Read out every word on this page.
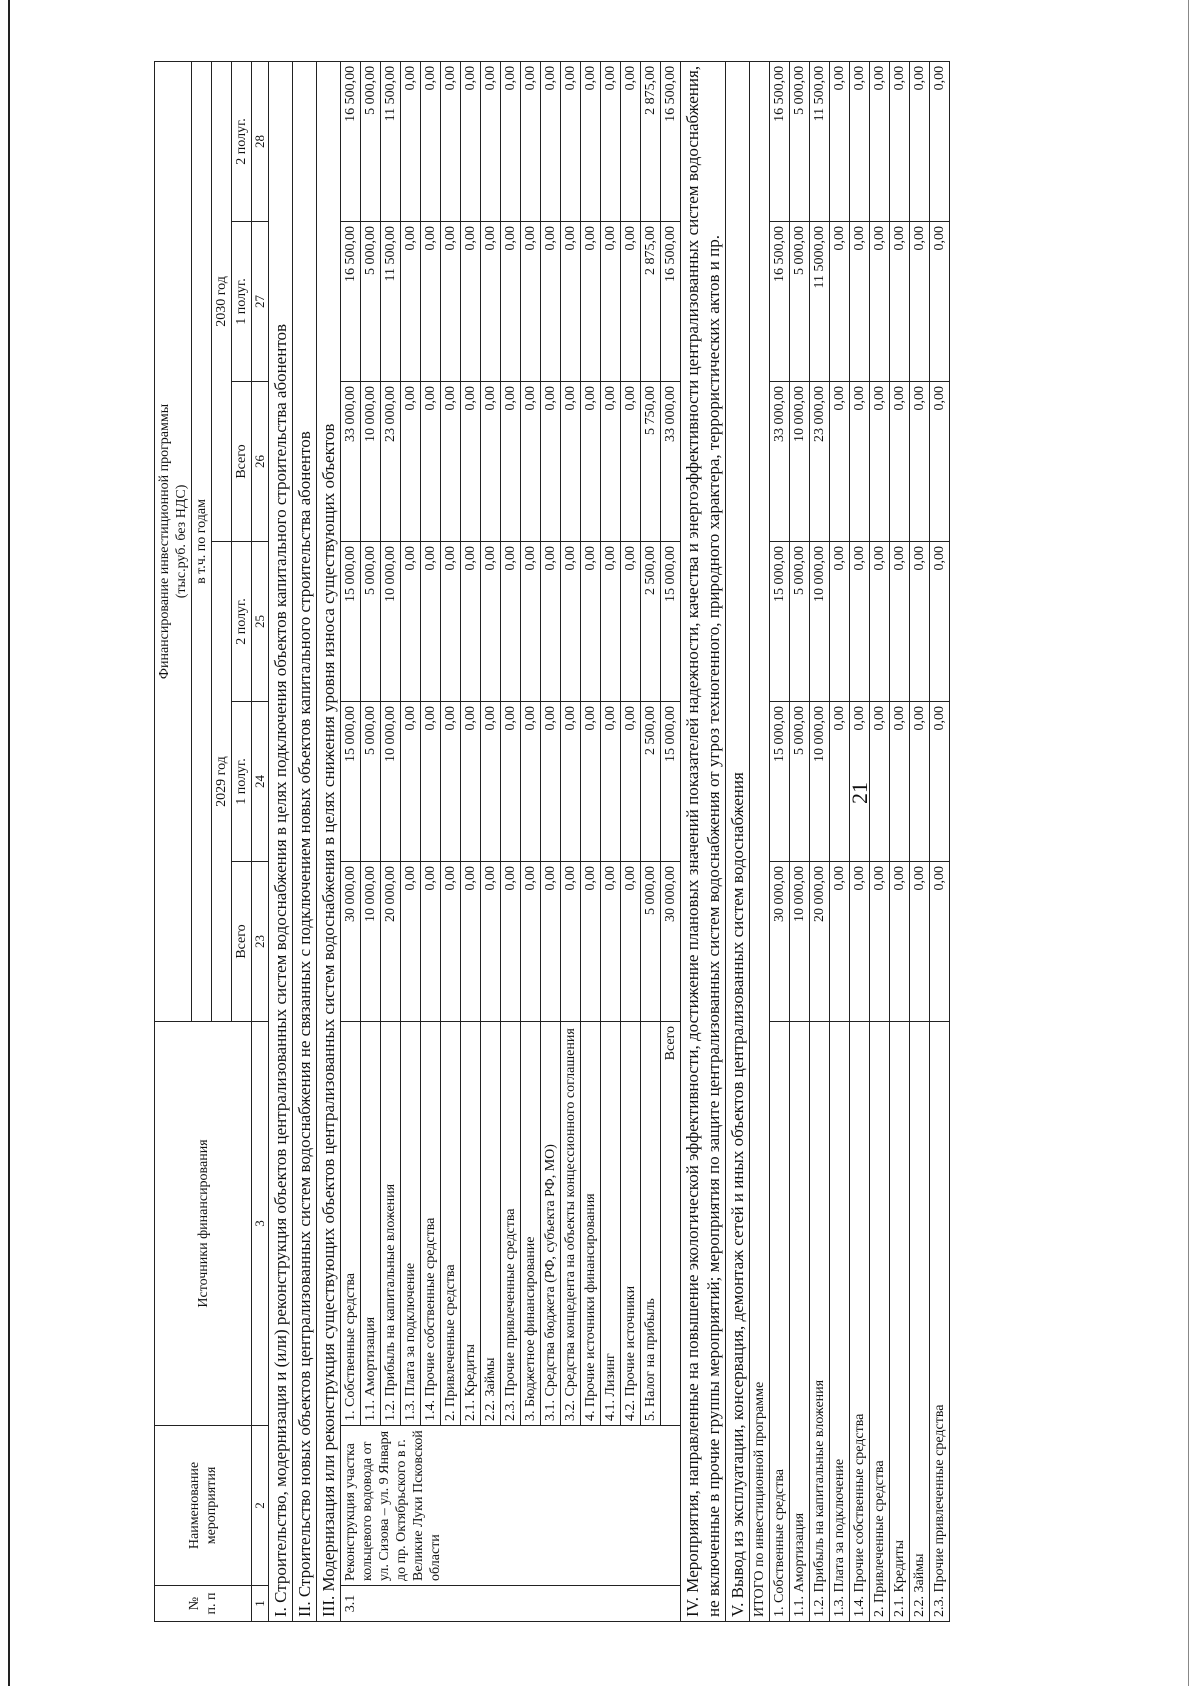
21
№ п. п	Наименование мероприятия	Источники финансирования	Финансирование инвестиционной программы (тыс.руб. без НДС)					

			в т.ч. по годам					
			2029 год			2030 год		
			Всего	1 полуг.	2 полуг.	Всего	1 полуг.	2 полуг.
1	2	3	23	24	25	26	27	28
I. Строительство, модернизация и (или) реконструкция объектов централизованных систем водоснабжения в целях подключения объектов капитального строительства абонентов								
II. Строительство новых объектов централизованных систем водоснабжения не связанных с подключением новых объектов капитального строительства абонентов								
III. Модернизация или реконструкция существующих объектов централизованных систем водоснабжения в целях снижения уровня износа существующих объектов								
3.1	Реконструкция участка кольцевого водовода от ул. Сизова – ул. 9 Января до пр. Октябрьского в г. Великие Луки Псковской области	1. Собственные средства	30 000,00	15 000,00	15 000,00	33 000,00	16 500,00	16 500,00
		1.1. Амортизация	10 000,00	5 000,00	5 000,00	10 000,00	5 000,00	5 000,00
		1.2. Прибыль на капитальные вложения	20 000,00	10 000,00	10 000,00	23 000,00	11 500,00	11 500,00
		1.3. Плата за подключение	0,00	0,00	0,00	0,00	0,00	0,00
		1.4. Прочие собственные средства	0,00	0,00	0,00	0,00	0,00	0,00
		2. Привлеченные средства	0,00	0,00	0,00	0,00	0,00	0,00
		2.1. Кредиты	0,00	0,00	0,00	0,00	0,00	0,00
		2.2. Займы	0,00	0,00	0,00	0,00	0,00	0,00
		2.3. Прочие привлеченные средства	0,00	0,00	0,00	0,00	0,00	0,00
		3. Бюджетное финансирование	0,00	0,00	0,00	0,00	0,00	0,00
		3.1. Средства бюджета (РФ, субъекта РФ, МО)	0,00	0,00	0,00	0,00	0,00	0,00
		3.2. Средства концедента на объекты концессионного соглашения	0,00	0,00	0,00	0,00	0,00	0,00
		4. Прочие источники финансирования	0,00	0,00	0,00	0,00	0,00	0,00
		4.1. Лизинг	0,00	0,00	0,00	0,00	0,00	0,00
		4.2. Прочие источники	0,00	0,00	0,00	0,00	0,00	0,00
		5. Налог на прибыль	5 000,00	2 500,00	2 500,00	5 750,00	2 875,00	2 875,00
		Всего	30 000,00	15 000,00	15 000,00	33 000,00	16 500,00	16 500,00
IV. Мероприятия, направленные на повышение экологической эффективности, достижение плановых значений показателей надежности, качества и энергоэффективности централизованных систем водоснабжения, не включенные в прочие группы мероприятий; мероприятия по защите централизованных систем водоснабжения от угроз техногенного, природного характера, террористических актов и пр.								
V. Вывод из эксплуатации, консервация, демонтаж сетей и иных объектов централизованных систем водоснабжения								
ИТОГО по инвестиционной программе								
1. Собственные средства			30 000,00	15 000,00	15 000,00	33 000,00	16 500,00	16 500,00
1.1. Амортизация			10 000,00	5 000,00	5 000,00	10 000,00	5 000,00	5 000,00
1.2. Прибыль на капитальные вложения			20 000,00	10 000,00	10 000,00	23 000,00	11 5000,00	11 500,00
1.3. Плата за подключение			0,00	0,00	0,00	0,00	0,00	0,00
1.4. Прочие собственные средства			0,00	0,00	0,00	0,00	0,00	0,00
2. Привлеченные средства			0,00	0,00	0,00	0,00	0,00	0,00
2.1. Кредиты			0,00	0,00	0,00	0,00	0,00	0,00
2.2. Займы			0,00	0,00	0,00	0,00	0,00	0,00
2.3. Прочие привлеченные средства			0,00	0,00	0,00	0,00	0,00	0,00
